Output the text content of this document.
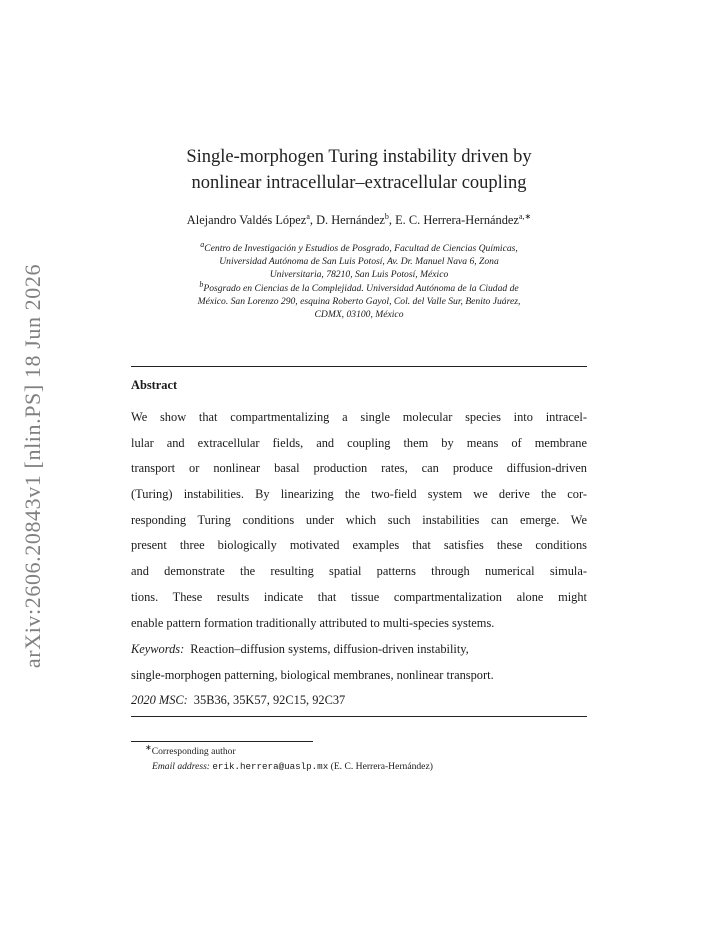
arXiv:2606.20843v1 [nlin.PS] 18 Jun 2026
Single-morphogen Turing instability driven by
nonlinear intracellular–extracellular coupling
Alejandro Valdés López$^a$, D. Hernández$^b$, E. C. Herrera-Hernández$^{a,∗}$
$^a$Centro de Investigación y Estudios de Posgrado, Facultad de Ciencias Químicas,
Universidad Autónoma de San Luis Potosí, Av. Dr. Manuel Nava 6, Zona
Universitaria, 78210, San Luis Potosí, México
$^b$Posgrado en Ciencias de la Complejidad. Universidad Autónoma de la Ciudad de
México. San Lorenzo 290, esquina Roberto Gayol, Col. del Valle Sur, Benito Juárez,
CDMX, 03100, México
Abstract
We show that compartmentalizing a single molecular species into intracel-
lular and extracellular fields, and coupling them by means of membrane
transport or nonlinear basal production rates, can produce diffusion-driven
(Turing) instabilities. By linearizing the two-field system we derive the cor-
responding Turing conditions under which such instabilities can emerge. We
present three biologically motivated examples that satisfies these conditions
and demonstrate the resulting spatial patterns through numerical simula-
tions. These results indicate that tissue compartmentalization alone might
enable pattern formation traditionally attributed to multi-species systems.
Keywords: Reaction–diffusion systems, diffusion-driven instability,
single-morphogen patterning, biological membranes, nonlinear transport.
2020 MSC: 35B36, 35K57, 92C15, 92C37
∗Corresponding author
Email address: erik.herrera@uaslp.mx (E. C. Herrera-Hernández)
